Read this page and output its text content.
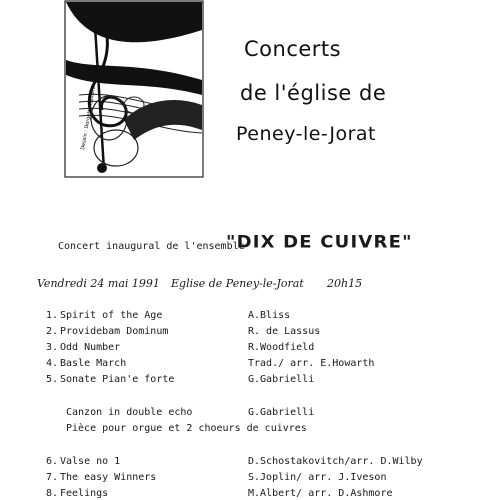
Dessin : Dorgette Gaillard
Concerts
de l'église de
Peney-le-Jorat
Concert inaugural de l'ensemble
"DIX DE CUIVRE"
Vendredi 24 mai 1991 Eglise de Peney-le-Jorat 20h15
1. Spirit of the Age	A.Bliss
2. Providebam Dominum	R. de Lassus
3. Odd Number	R.Woodfield
4. Basle March	Trad./ arr. E.Howarth
5. Sonate Pian'e forte	G.Gabrielli
Canzon in double echo	G.Gabrielli
Pièce pour orgue et 2 choeurs de cuivres
6. Valse no 1	D.Schostakovitch/arr. D.Wilby
7. The easy Winners	S.Joplin/ arr. J.Iveson
8. Feelings	M.Albert/ arr. D.Ashmore
